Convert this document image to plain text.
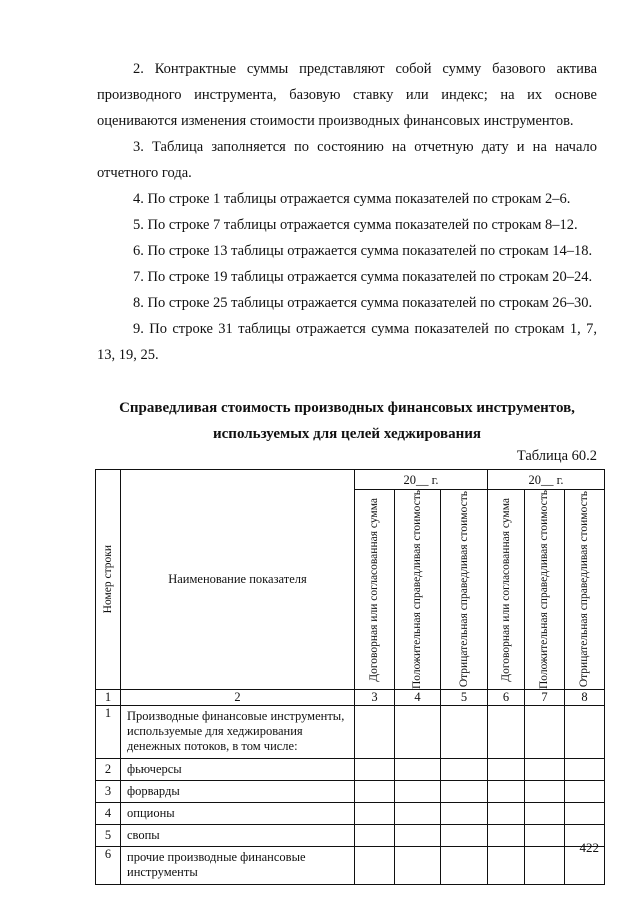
2. Контрактные суммы представляют собой сумму базового актива производного инструмента, базовую ставку или индекс; на их основе оцениваются изменения стоимости производных финансовых инструментов.

3. Таблица заполняется по состоянию на отчетную дату и на начало отчетного года.

4. По строке 1 таблицы отражается сумма показателей по строкам 2–6.

5. По строке 7 таблицы отражается сумма показателей по строкам 8–12.

6. По строке 13 таблицы отражается сумма показателей по строкам 14–18.

7. По строке 19 таблицы отражается сумма показателей по строкам 20–24.

8. По строке 25 таблицы отражается сумма показателей по строкам 26–30.

9. По строке 31 таблицы отражается сумма показателей по строкам 1, 7, 13, 19, 25.

Справедливая стоимость производных финансовых инструментов,

используемых для целей хеджирования

Таблица 60.2
Номер строки	Наименование показателя	20__ г.			20__ г.		

		Договорная или согласованная сумма	Положительная справедливая стоимость	Отрицательная справедливая стоимость	Договорная или согласованная сумма	Положительная справедливая стоимость	Отрицательная справедливая стоимость

1	2	3	4	5	6	7	8
1	Производные финансовые инструменты, используемые для хеджирования денежных потоков, в том числе:						
2	фьючерсы						
3	форварды						
4	опционы						
5	свопы						
6	прочие производные финансовые инструменты						
422
